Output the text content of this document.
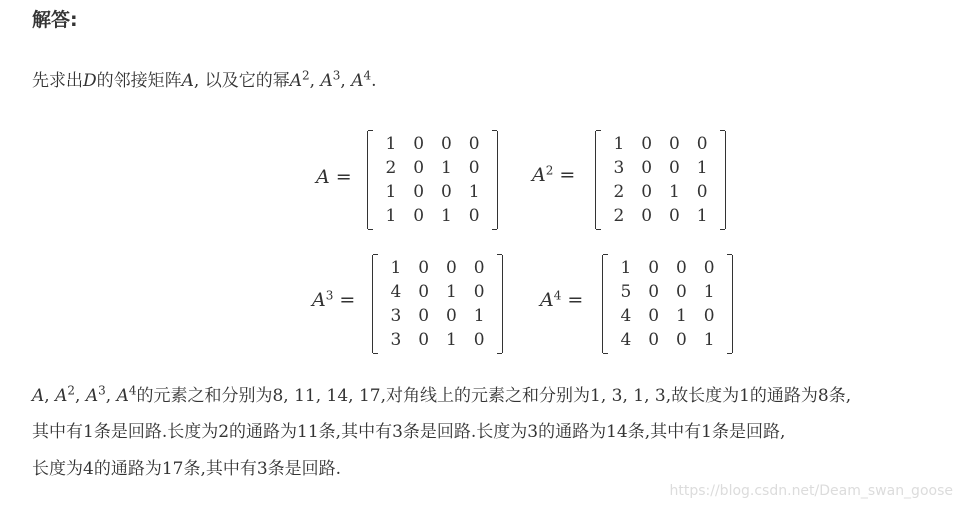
解答:
先求出D的邻接矩阵A, 以及它的幂$A^2$, $A^3$, $A^4$.
A =
1 0 0 0
2 0 1 0
1 0 0 1
1 0 1 0
$A^2$ =
1 0 0 0
3 0 0 1
2 0 1 0
2 0 0 1
$A^3$ =
1 0 0 0
4 0 1 0
3 0 0 1
3 0 1 0
$A^4$ =
1 0 0 0
5 0 0 1
4 0 1 0
4 0 0 1
A, $A^2$, $A^3$, $A^4$的元素之和分别为8, 11, 14, 17,对角线上的元素之和分别为1, 3, 1, 3,故长度为1的通路为8条,
其中有1条是回路.长度为2的通路为11条,其中有3条是回路.长度为3的通路为14条,其中有1条是回路,
长度为4的通路为17条,其中有3条是回路.
https://blog.csdn.net/Deam_swan_goose
